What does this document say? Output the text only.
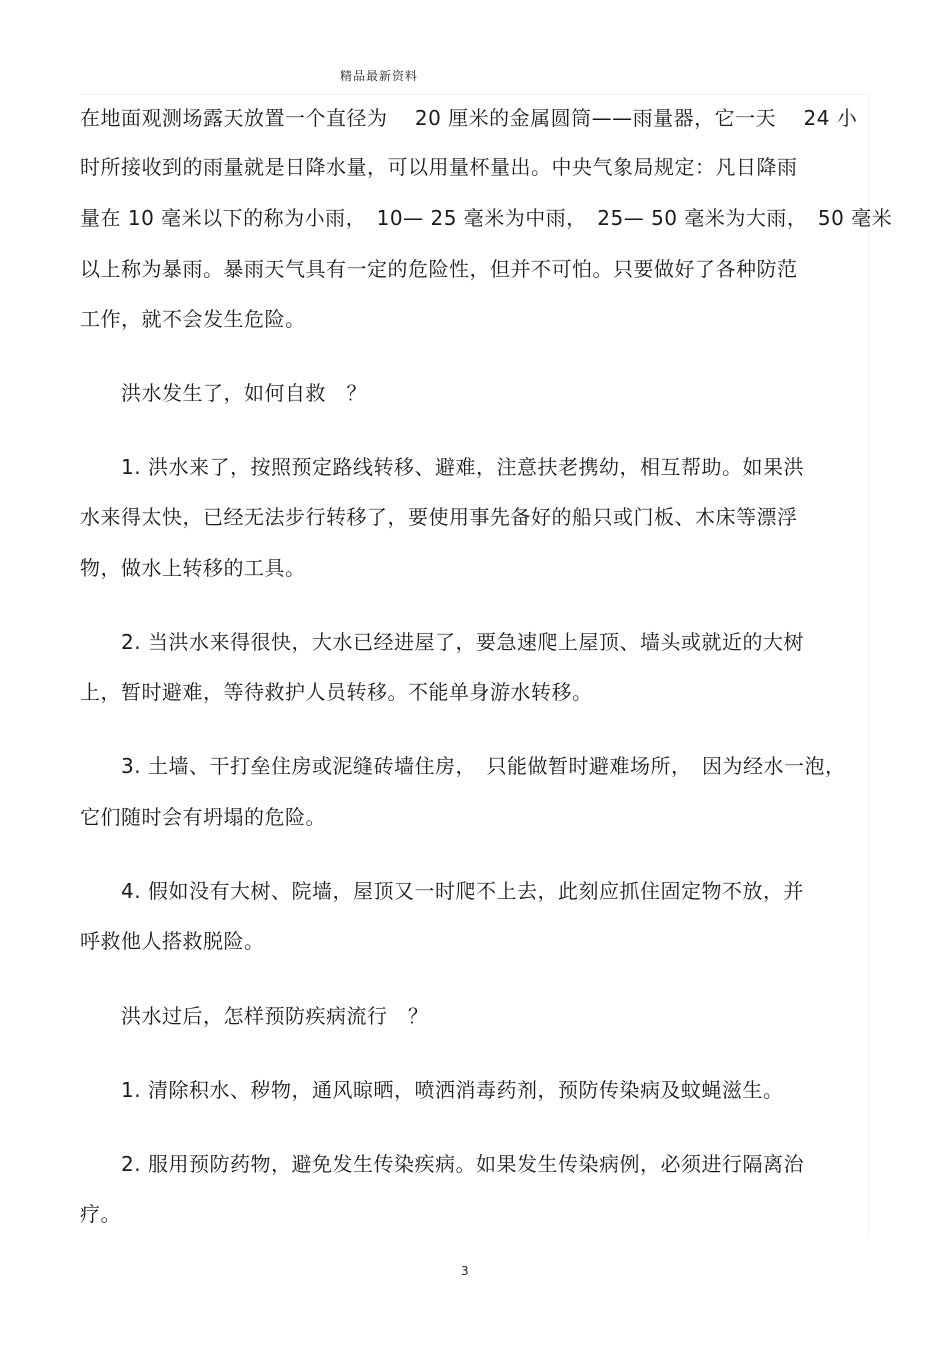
精品最新资料
在地面观测场露天放置一个直径为　 20 厘米的金属圆筒——雨量器，它一天　 24 小
时所接收到的雨量就是日降水量，可以用量杯量出。中央气象局规定：凡日降雨
量在 10 毫米以下的称为小雨，　10— 25 毫米为中雨，　25— 50 毫米为大雨，　50 毫米
以上称为暴雨。暴雨天气具有一定的危险性，但并不可怕。只要做好了各种防范
工作，就不会发生危险。
　　洪水发生了，如何自救　？
　　1. 洪水来了，按照预定路线转移、避难，注意扶老携幼，相互帮助。如果洪
水来得太快，已经无法步行转移了，要使用事先备好的船只或门板、木床等漂浮
物，做水上转移的工具。
　　2. 当洪水来得很快，大水已经进屋了，要急速爬上屋顶、墙头或就近的大树
上，暂时避难，等待救护人员转移。不能单身游水转移。
　　3. 土墙、干打垒住房或泥缝砖墙住房，　只能做暂时避难场所，　因为经水一泡，
它们随时会有坍塌的危险。
　　4. 假如没有大树、院墙，屋顶又一时爬不上去，此刻应抓住固定物不放，并
呼救他人搭救脱险。
　　洪水过后，怎样预防疾病流行　？
　　1. 清除积水、秽物，通风晾晒，喷洒消毒药剂，预防传染病及蚊蝇滋生。
　　2. 服用预防药物，避免发生传染疾病。如果发生传染病例，必须进行隔离治
疗。
3
